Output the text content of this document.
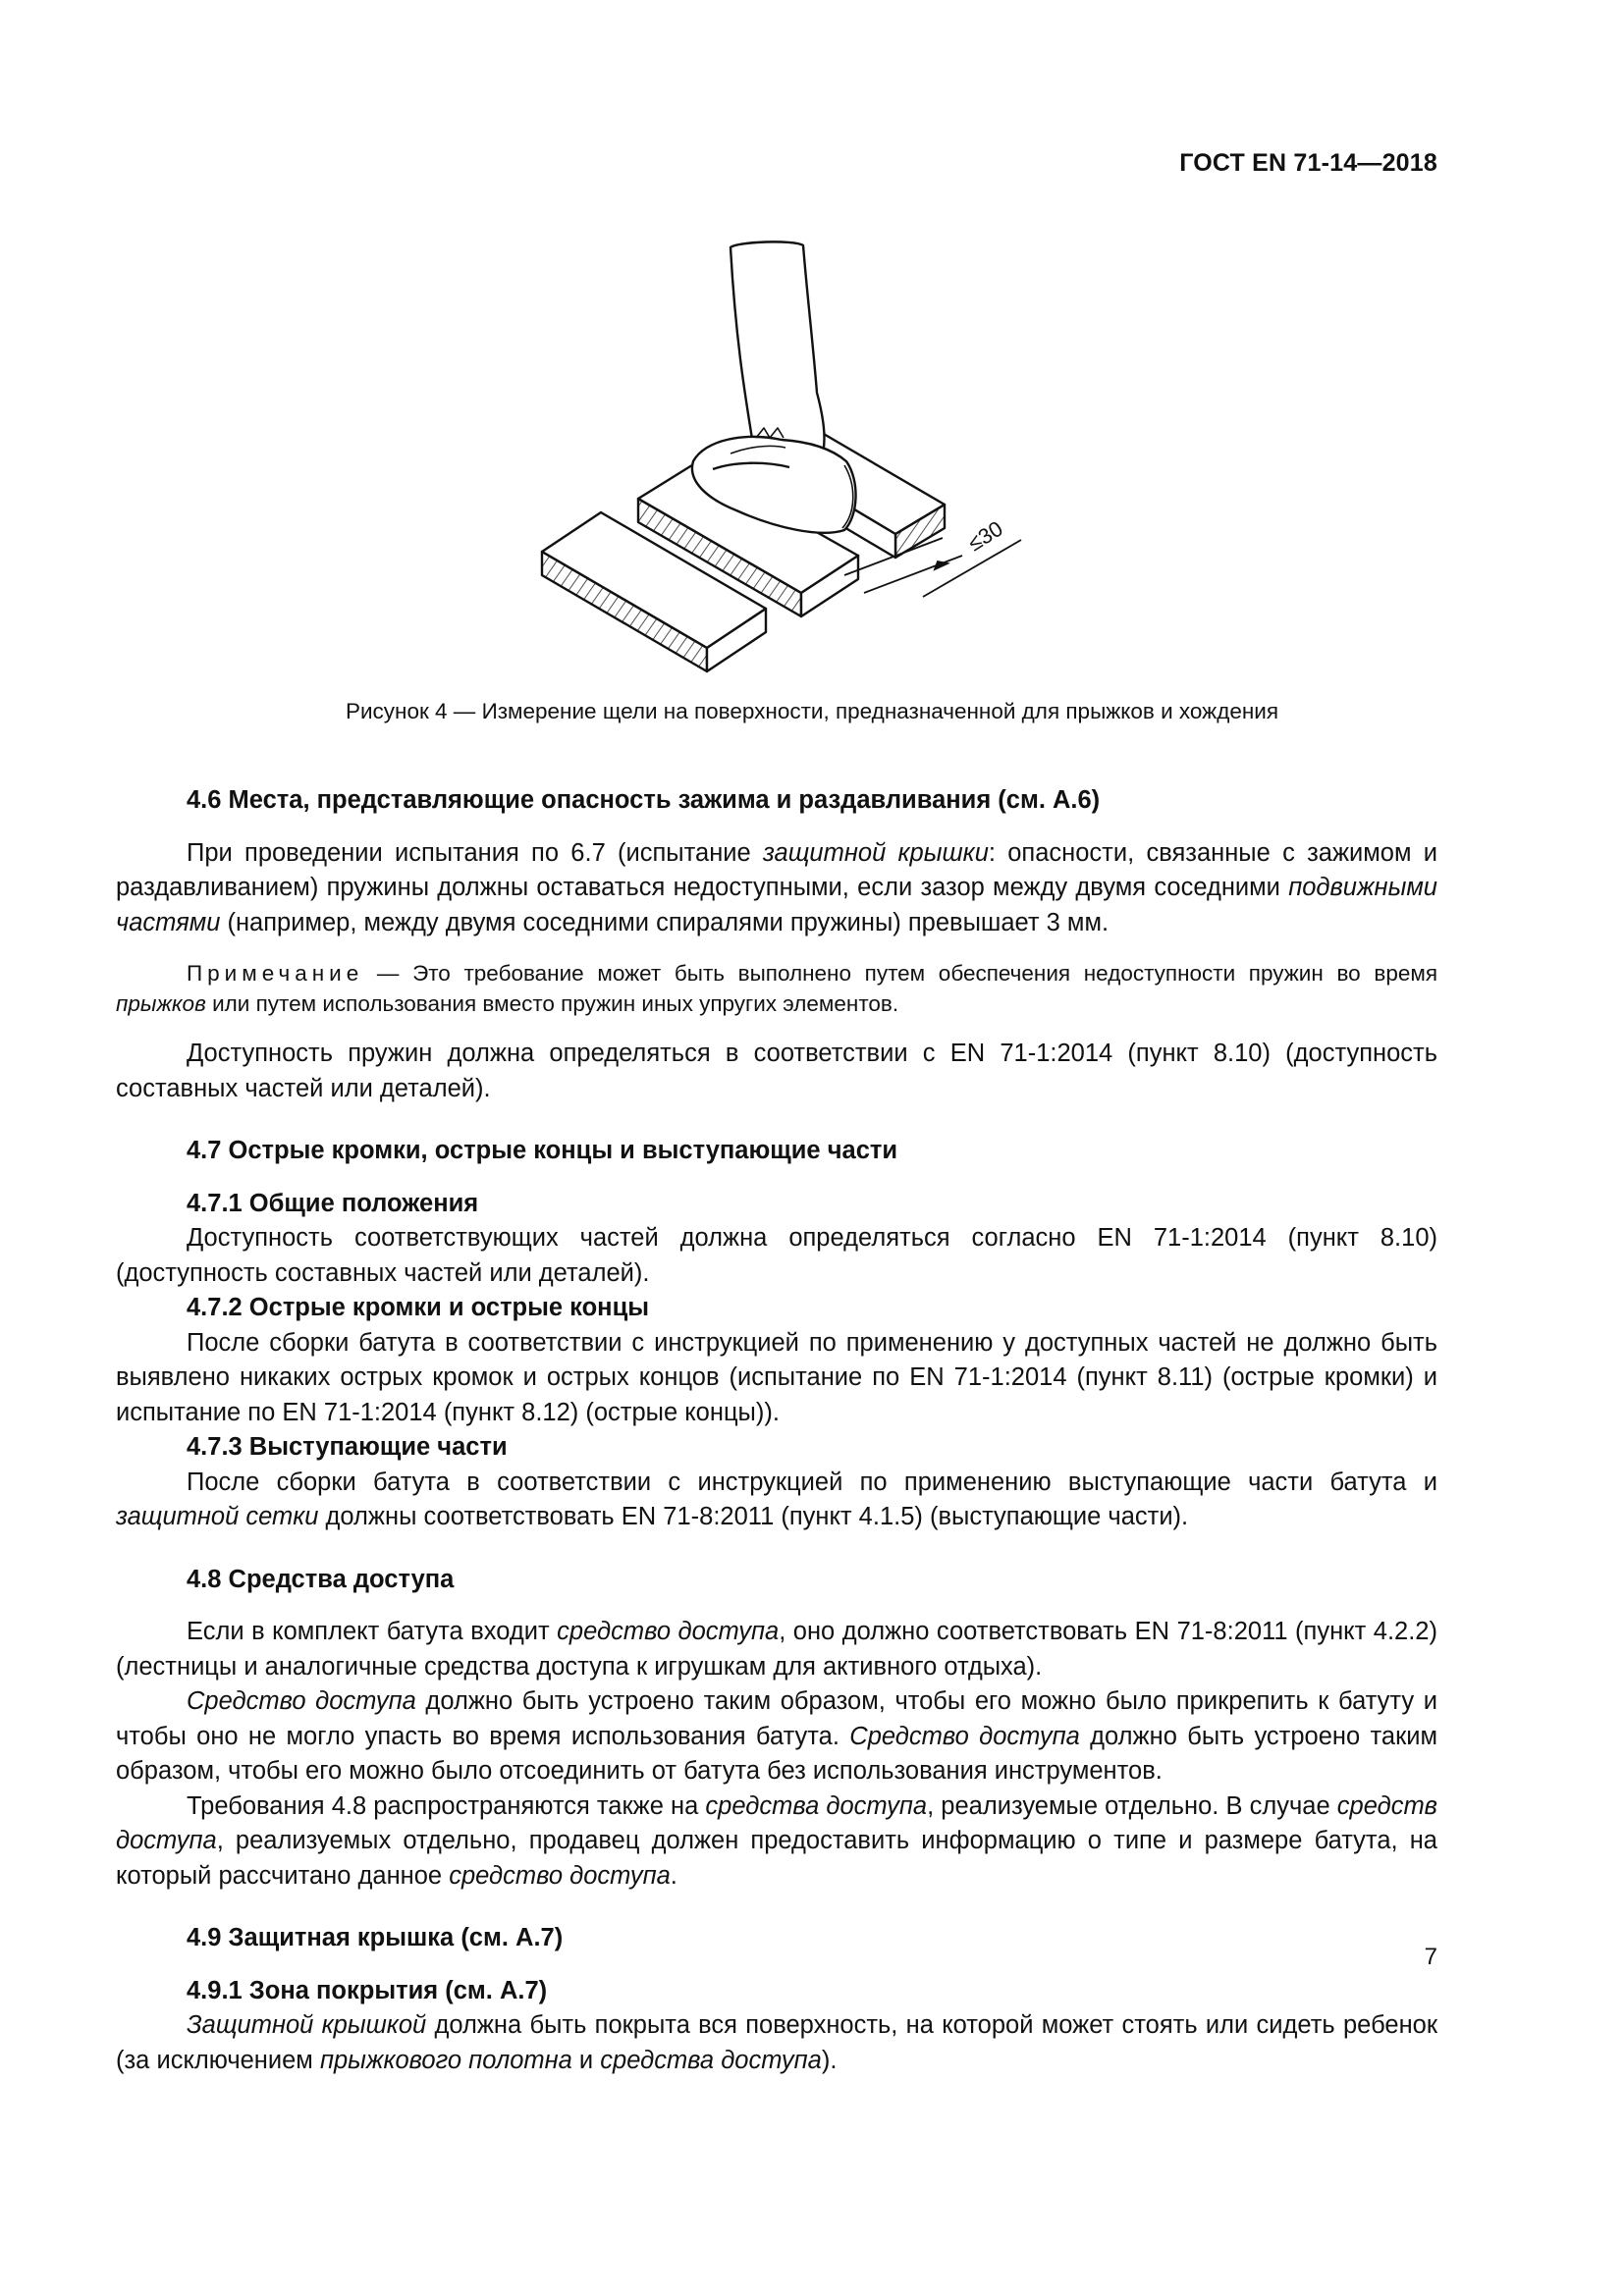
ГОСТ EN 71-14—2018
≤30
Рисунок 4 — Измерение щели на поверхности, предназначенной для прыжков и хождения

4.6 Места, представляющие опасность зажима и раздавливания (см. А.6)

При проведении испытания по 6.7 (испытание защитной крышки: опасности, связанные с зажимом и раздавливанием) пружины должны оставаться недоступными, если зазор между двумя соседними подвижными частями (например, между двумя соседними спиралями пружины) превышает 3 мм.

Примечание — Это требование может быть выполнено путем обеспечения недоступности пружин во время прыжков или путем использования вместо пружин иных упругих элементов.

Доступность пружин должна определяться в соответствии с EN 71-1:2014 (пункт 8.10) (доступность составных частей или деталей).

4.7 Острые кромки, острые концы и выступающие части

4.7.1 Общие положения

Доступность соответствующих частей должна определяться согласно EN 71-1:2014 (пункт 8.10) (доступность составных частей или деталей).

4.7.2 Острые кромки и острые концы

После сборки батута в соответствии с инструкцией по применению у доступных частей не должно быть выявлено никаких острых кромок и острых концов (испытание по EN 71-1:2014 (пункт 8.11) (острые кромки) и испытание по EN 71-1:2014 (пункт 8.12) (острые концы)).

4.7.3 Выступающие части

После сборки батута в соответствии с инструкцией по применению выступающие части батута и защитной сетки должны соответствовать EN 71-8:2011 (пункт 4.1.5) (выступающие части).

4.8 Средства доступа

Если в комплект батута входит средство доступа, оно должно соответствовать EN 71-8:2011 (пункт 4.2.2) (лестницы и аналогичные средства доступа к игрушкам для активного отдыха).

Средство доступа должно быть устроено таким образом, чтобы его можно было прикрепить к батуту и чтобы оно не могло упасть во время использования батута. Средство доступа должно быть устроено таким образом, чтобы его можно было отсоединить от батута без использования инструментов.

Требования 4.8 распространяются также на средства доступа, реализуемые отдельно. В случае средств доступа, реализуемых отдельно, продавец должен предоставить информацию о типе и размере батута, на который рассчитано данное средство доступа.

4.9 Защитная крышка (см. А.7)

4.9.1 Зона покрытия (см. А.7)

Защитной крышкой должна быть покрыта вся поверхность, на которой может стоять или сидеть ребенок (за исключением прыжкового полотна и средства доступа).

7
